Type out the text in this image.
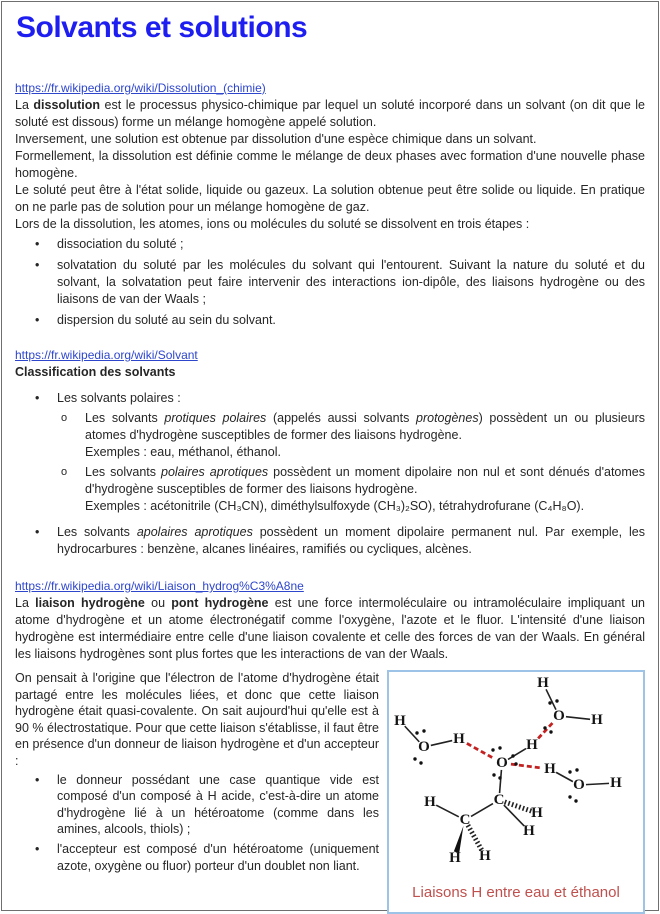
Solvants et solutions
https://fr.wikipedia.org/wiki/Dissolution_(chimie)

La dissolution est le processus physico-chimique par lequel un soluté incorporé dans un solvant (on dit que le soluté est dissous) forme un mélange homogène appelé solution.

Inversement, une solution est obtenue par dissolution d'une espèce chimique dans un solvant.

Formellement, la dissolution est définie comme le mélange de deux phases avec formation d'une nouvelle phase homogène.

Le soluté peut être à l'état solide, liquide ou gazeux. La solution obtenue peut être solide ou liquide. En pratique on ne parle pas de solution pour un mélange homogène de gaz.

Lors de la dissolution, les atomes, ions ou molécules du soluté se dissolvent en trois étapes :

• dissociation du soluté ;
• solvatation du soluté par les molécules du solvant qui l'entourent. Suivant la nature du soluté et du solvant, la solvatation peut faire intervenir des interactions ion-dipôle, des liaisons hydrogène ou des liaisons de van der Waals ;
• dispersion du soluté au sein du solvant.
https://fr.wikipedia.org/wiki/Solvant
Classification des solvants
• Les solvants polaires :
o Les solvants protiques polaires (appelés aussi solvants protogènes) possèdent un ou plusieurs atomes d'hydrogène susceptibles de former des liaisons hydrogène.
Exemples : eau, méthanol, éthanol.
o Les solvants polaires aprotiques possèdent un moment dipolaire non nul et sont dénués d'atomes d'hydrogène susceptibles de former des liaisons hydrogène.
Exemples : acétonitrile (CH₃CN), diméthylsulfoxyde (CH₃)₂SO), tétrahydrofurane (C₄H₈O).
• Les solvants apolaires aprotiques possèdent un moment dipolaire permanent nul. Par exemple, les hydrocarbures : benzène, alcanes linéaires, ramifiés ou cycliques, alcènes.
https://fr.wikipedia.org/wiki/Liaison_hydrog%C3%A8ne

La liaison hydrogène ou pont hydrogène est une force intermoléculaire ou intramoléculaire impliquant un atome d'hydrogène et un atome électronégatif comme l'oxygène, l'azote et le fluor. L'intensité d'une liaison hydrogène est intermédiaire entre celle d'une liaison covalente et celle des forces de van der Waals. En général les liaisons hydrogènes sont plus fortes que les interactions de van der Waals.

On pensait à l'origine que l'électron de l'atome d'hydrogène était partagé entre les molécules liées, et donc que cette liaison hydrogène était quasi-covalente. On sait aujourd'hui qu'elle est à 90 % électrostatique. Pour que cette liaison s'établisse, il faut être en présence d'un donneur de liaison hydrogène et d'un accepteur :

• le donneur possédant une case quantique vide est composé d'un composé à H acide, c'est-à-dire un atome d'hydrogène lié à un hétéroatome (comme dans les amines, alcools, thiols) ;
• l'accepteur est composé d'un hétéroatome (uniquement azote, oxygène ou fluor) porteur d'un doublet non liant.
H
O H
H
O H
O
H
H
O H
C
C
H
H
H
H H
Liaisons H entre eau et éthanol
